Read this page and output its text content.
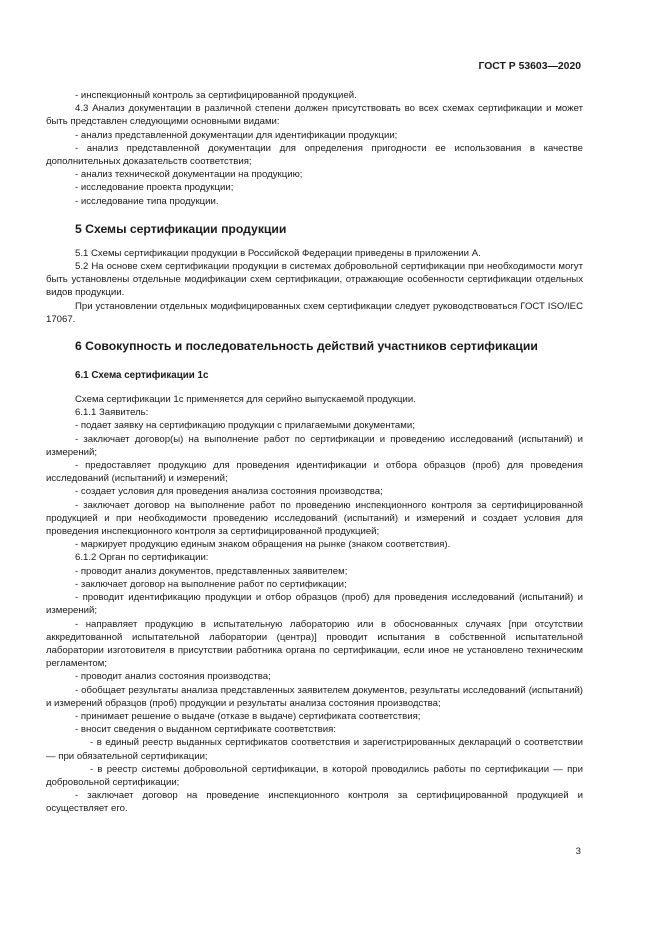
ГОСТ Р 53603—2020

- инспекционный контроль за сертифицированной продукцией.

4.3 Анализ документации в различной степени должен присутствовать во всех схемах сертификации и может быть представлен следующими основными видами:

- анализ представленной документации для идентификации продукции;

- анализ представленной документации для определения пригодности ее использования в качестве дополнительных доказательств соответствия;

- анализ технической документации на продукцию;

- исследование проекта продукции;

- исследование типа продукции.

5 Схемы сертификации продукции

5.1 Схемы сертификации продукции в Российской Федерации приведены в приложении А.

5.2 На основе схем сертификации продукции в системах добровольной сертификации при необходимости могут быть установлены отдельные модификации схем сертификации, отражающие особенности сертификации отдельных видов продукции.

При установлении отдельных модифицированных схем сертификации следует руководствоваться ГОСТ ISO/IEC 17067.

6 Совокупность и последовательность действий участников сертификации
6.1 Схема сертификации 1с

Схема сертификации 1с применяется для серийно выпускаемой продукции.

6.1.1 Заявитель:

- подает заявку на сертификацию продукции с прилагаемыми документами;

- заключает договор(ы) на выполнение работ по сертификации и проведению исследований (испытаний) и измерений;

- предоставляет продукцию для проведения идентификации и отбора образцов (проб) для проведения исследований (испытаний) и измерений;

- создает условия для проведения анализа состояния производства;

- заключает договор на выполнение работ по проведению инспекционного контроля за сертифицированной продукцией и при необходимости проведению исследований (испытаний) и измерений и создает условия для проведения инспекционного контроля за сертифицированной продукцией;

- маркирует продукцию единым знаком обращения на рынке (знаком соответствия).

6.1.2 Орган по сертификации:

- проводит анализ документов, представленных заявителем;

- заключает договор на выполнение работ по сертификации;

- проводит идентификацию продукции и отбор образцов (проб) для проведения исследований (испытаний) и измерений;

- направляет продукцию в испытательную лабораторию или в обоснованных случаях [при отсутствии аккредитованной испытательной лаборатории (центра)] проводит испытания в собственной испытательной лаборатории изготовителя в присутствии работника органа по сертификации, если иное не установлено техническим регламентом;

- проводит анализ состояния производства;

- обобщает результаты анализа представленных заявителем документов, результаты исследований (испытаний) и измерений образцов (проб) продукции и результаты анализа состояния производства;

- принимает решение о выдаче (отказе в выдаче) сертификата соответствия;

- вносит сведения о выданном сертификате соответствия:

- в единый реестр выданных сертификатов соответствия и зарегистрированных деклараций о соответствии — при обязательной сертификации;

- в реестр системы добровольной сертификации, в которой проводились работы по сертификации — при добровольной сертификации;

- заключает договор на проведение инспекционного контроля за сертифицированной продукцией и осуществляет его.

3
